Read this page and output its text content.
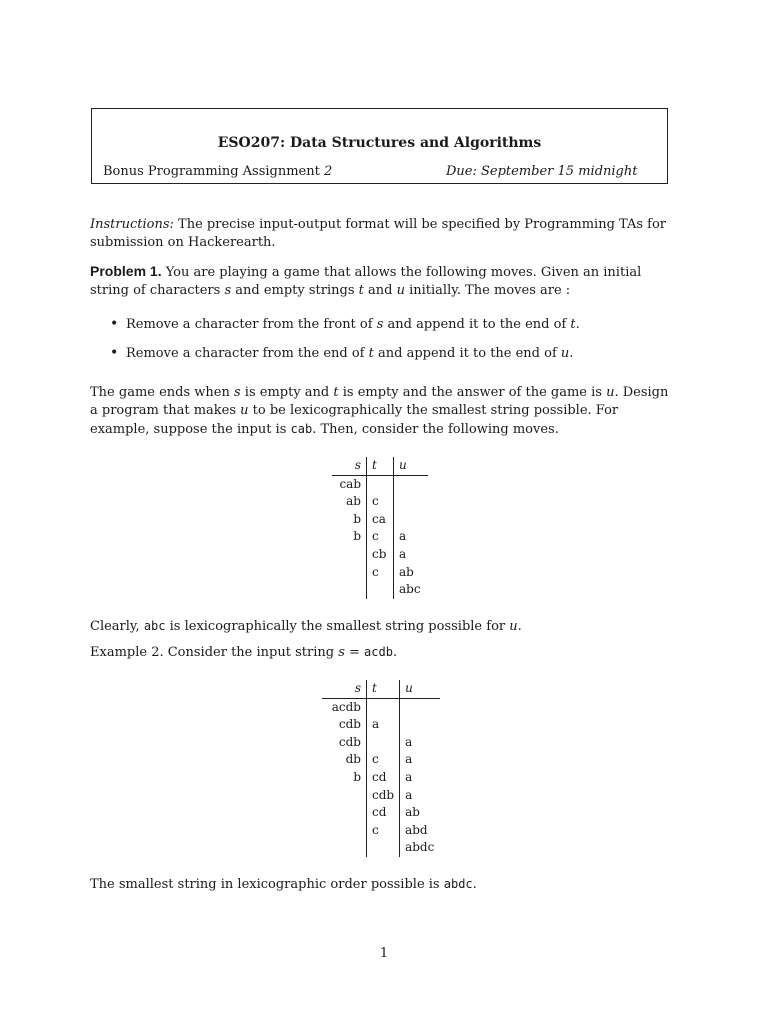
ESO207: Data Structures and Algorithms
Bonus Programming Assignment 2	Due: September 15 midnight

Instructions: The precise input-output format will be specified by Programming TAs for submission on Hackerearth.

Problem 1. You are playing a game that allows the following moves. Given an initial string of characters s and empty strings t and u initially. The moves are :

• Remove a character from the front of s and append it to the end of t.
• Remove a character from the end of t and append it to the end of u.

The game ends when s is empty and t is empty and the answer of the game is u. Design a program that makes u to be lexicographically the smallest string possible. For example, suppose the input is cab. Then, consider the following moves.

s	t	u
cab		
ab	c	
b	ca	
b	c	a
	cb	a
	c	ab
		abc

Clearly, abc is lexicographically the smallest string possible for u.

Example 2. Consider the input string s = acdb.

s	t	u
acdb		
cdb	a	
cdb		a
db	c	a
b	cd	a
	cdb	a
	cd	ab
	c	abd
		abdc

The smallest string in lexicographic order possible is abdc.

1
